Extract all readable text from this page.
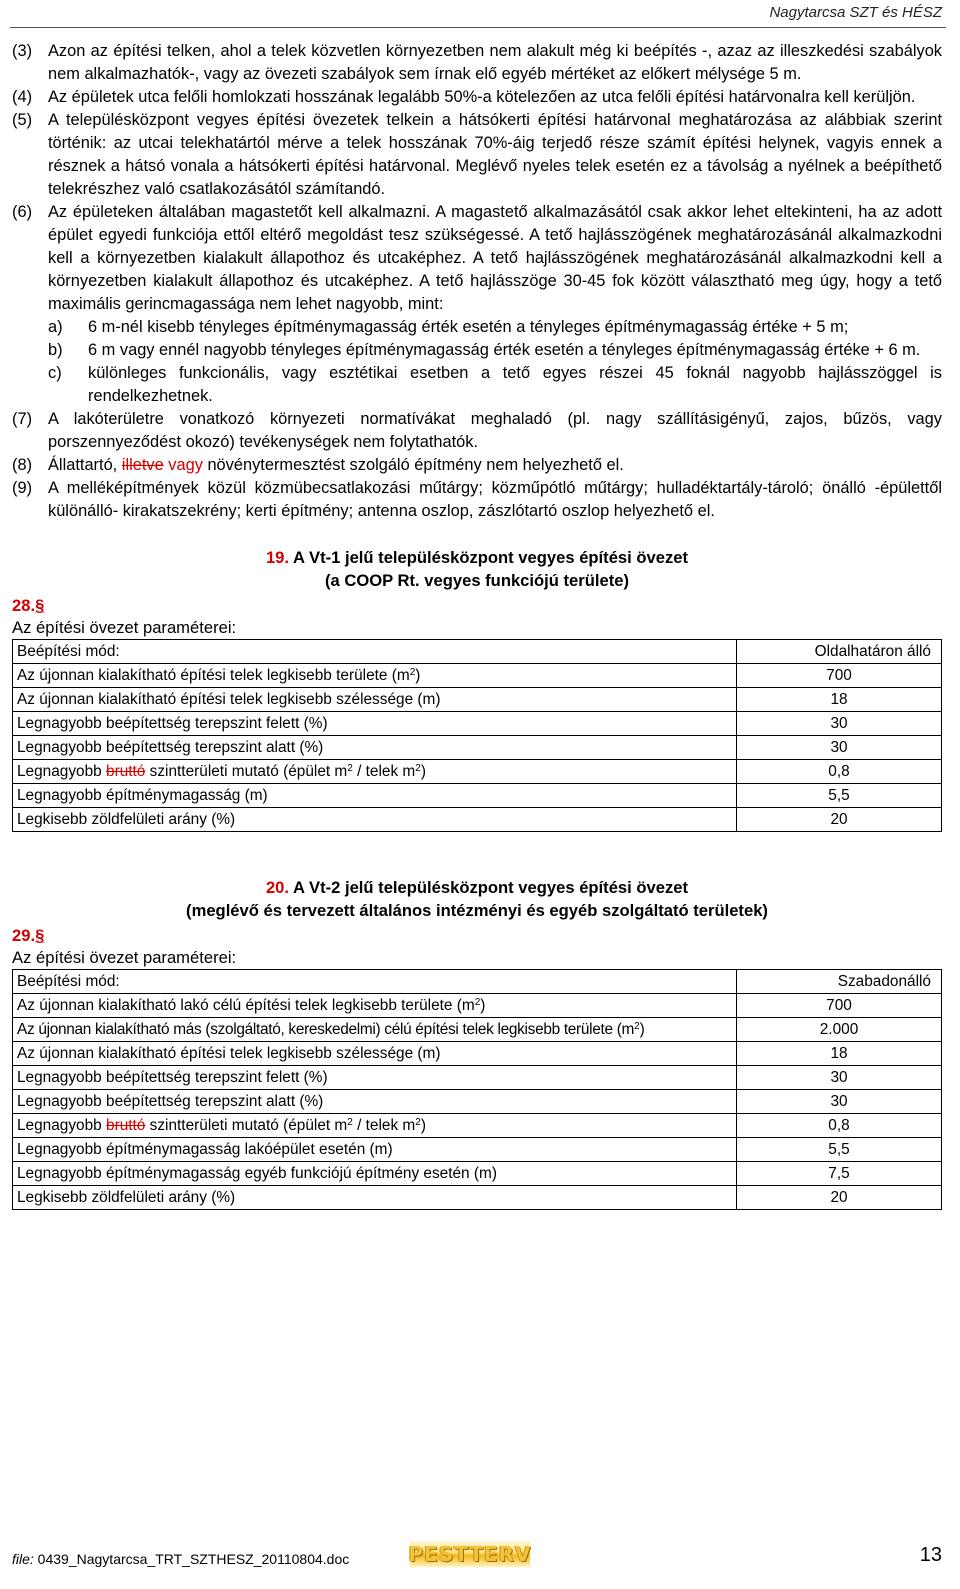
Nagytarcsa SZT és HÉSZ

(3) Azon az építési telken, ahol a telek közvetlen környezetben nem alakult még ki beépítés -, azaz az illeszkedési szabályok nem alkalmazhatók-, vagy az övezeti szabályok sem írnak elő egyéb mértéket az előkert mélysége 5 m.

(4) Az épületek utca felőli homlokzati hosszának legalább 50%-a kötelezően az utca felőli építési határvonalra kell kerüljön.

(5) A településközpont vegyes építési övezetek telkein a hátsókerti építési határvonal meghatározása az alábbiak szerint történik: az utcai telekhatártól mérve a telek hosszának 70%-áig terjedő része számít építési helynek, vagyis ennek a résznek a hátsó vonala a hátsókerti építési határvonal. Meglévő nyeles telek esetén ez a távolság a nyélnek a beépíthető telekrészhez való csatlakozásától számítandó.

(6) Az épületeken általában magastetőt kell alkalmazni. A magastető alkalmazásától csak akkor lehet eltekinteni, ha az adott épület egyedi funkciója ettől eltérő megoldást tesz szükségessé. A tető hajlásszögének meghatározásánál alkalmazkodni kell a környezetben kialakult állapothoz és utcaképhez. A tető hajlásszögének meghatározásánál alkalmazkodni kell a környezetben kialakult állapothoz és utcaképhez. A tető hajlásszöge 30-45 fok között választható meg úgy, hogy a tető maximális gerincmagassága nem lehet nagyobb, mint:

a) 6 m-nél kisebb tényleges építménymagasság érték esetén a tényleges építménymagasság értéke + 5 m;

b) 6 m vagy ennél nagyobb tényleges építménymagasság érték esetén a tényleges építménymagasság értéke + 6 m.

c) különleges funkcionális, vagy esztétikai esetben a tető egyes részei 45 foknál nagyobb hajlásszöggel is rendelkezhetnek.

(7) A lakóterületre vonatkozó környezeti normatívákat meghaladó (pl. nagy szállításigényű, zajos, bűzös, vagy porszennyeződést okozó) tevékenységek nem folytathatók.

(8) Állattartó, illetve vagy növénytermesztést szolgáló építmény nem helyezhető el.

(9) A melléképítmények közül közmübecsatlakozási műtárgy; közműpótló műtárgy; hulladéktartály-tároló; önálló -épülettől különálló- kirakatszekrény; kerti építmény; antenna oszlop, zászlótartó oszlop helyezhető el.

19. A Vt-1 jelű településközpont vegyes építési övezet
(a COOP Rt. vegyes funkciójú területe)
28.§
Az építési övezet paraméterei:
Beépítési mód:	Oldalhatáron álló
Az újonnan kialakítható építési telek legkisebb területe $(m^2)$	700
Az újonnan kialakítható építési telek legkisebb szélessége (m)	18
Legnagyobb beépítettség terepszint felett (%)	30
Legnagyobb beépítettség terepszint alatt (%)	30
Legnagyobb bruttó szintterületi mutató (épület $m^2$ / telek $m^2$)	0,8
Legnagyobb építménymagasság (m)	5,5
Legkisebb zöldfelületi arány (%)	20
20. A Vt-2 jelű településközpont vegyes építési övezet
(meglévő és tervezett általános intézményi és egyéb szolgáltató területek)
29.§
Az építési övezet paraméterei:
Beépítési mód:	Szabadonálló
Az újonnan kialakítható lakó célú építési telek legkisebb területe $(m^2)$	700
Az újonnan kialakítható más (szolgáltató, kereskedelmi) célú építési telek legkisebb területe $(m^2)$	2.000
Az újonnan kialakítható építési telek legkisebb szélessége (m)	18
Legnagyobb beépítettség terepszint felett (%)	30
Legnagyobb beépítettség terepszint alatt (%)	30
Legnagyobb bruttó szintterületi mutató (épület $m^2$ / telek $m^2$)	0,8
Legnagyobb építménymagasság lakóépület esetén (m)	5,5
Legnagyobb építménymagasság egyéb funkciójú építmény esetén (m)	7,5
Legkisebb zöldfelületi arány (%)	20
file: 0439_Nagytarcsa_TRT_SZTHESZ_20110804.doc	PESTTERV	13
